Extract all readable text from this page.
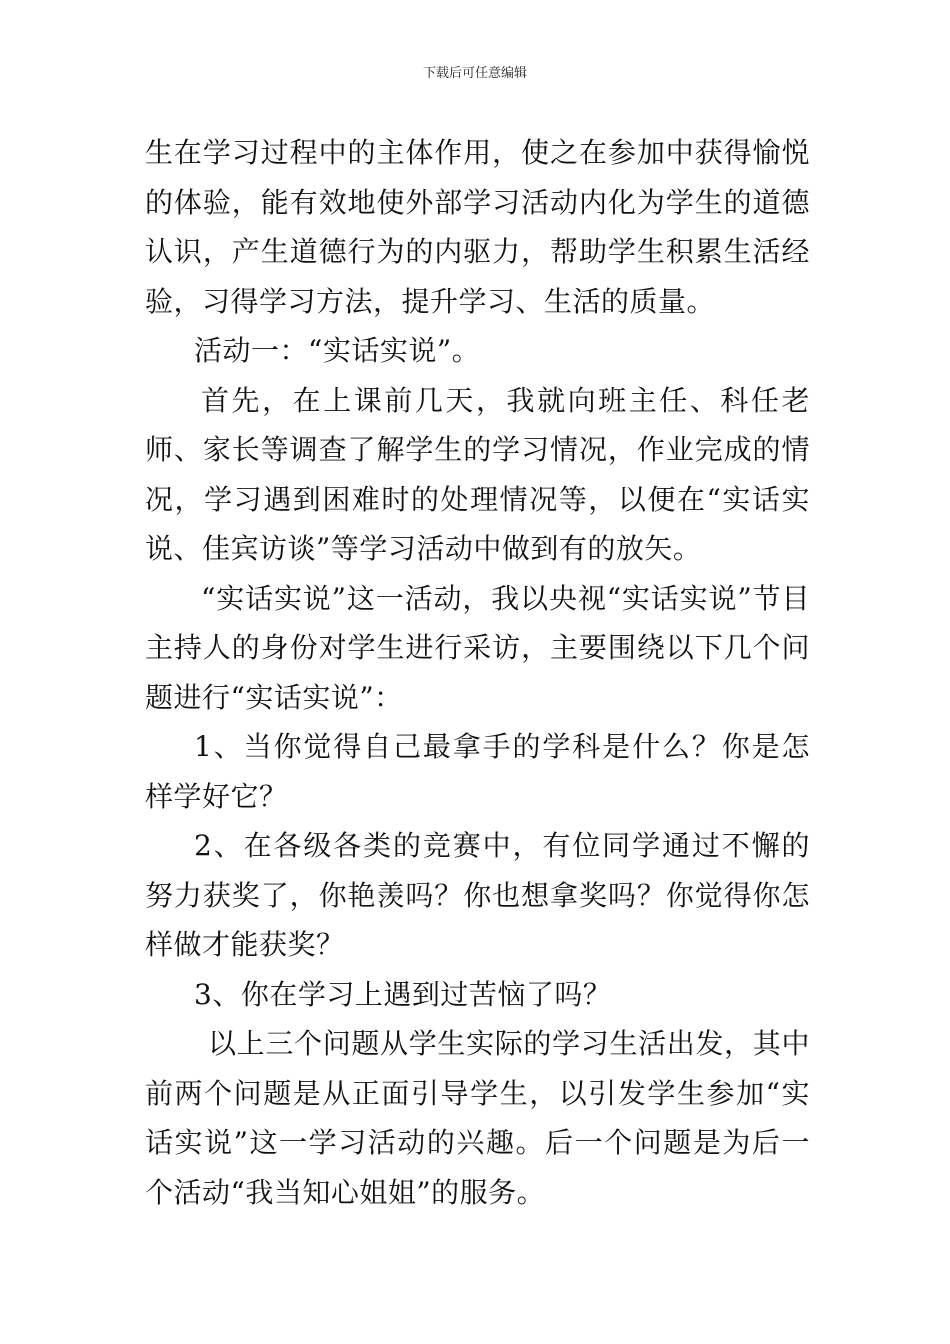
下载后可任意编辑

生在学习过程中的主体作用，使之在参加中获得愉悦的体验，能有效地使外部学习活动内化为学生的道德认识，产生道德行为的内驱力，帮助学生积累生活经验，习得学习方法，提升学习、生活的质量。

活动一：“实话实说”。

首先，在上课前几天，我就向班主任、科任老师、家长等调查了解学生的学习情况，作业完成的情况，学习遇到困难时的处理情况等，以便在“实话实说、佳宾访谈”等学习活动中做到有的放矢。

“实话实说”这一活动，我以央视“实话实说”节目主持人的身份对学生进行采访，主要围绕以下几个问题进行“实话实说”：

1、当你觉得自己最拿手的学科是什么？你是怎样学好它？

2、在各级各类的竞赛中，有位同学通过不懈的努力获奖了，你艳羡吗？你也想拿奖吗？你觉得你怎样做才能获奖？

3、你在学习上遇到过苦恼了吗？

以上三个问题从学生实际的学习生活出发，其中前两个问题是从正面引导学生，以引发学生参加“实话实说”这一学习活动的兴趣。后一个问题是为后一个活动“我当知心姐姐”的服务。
